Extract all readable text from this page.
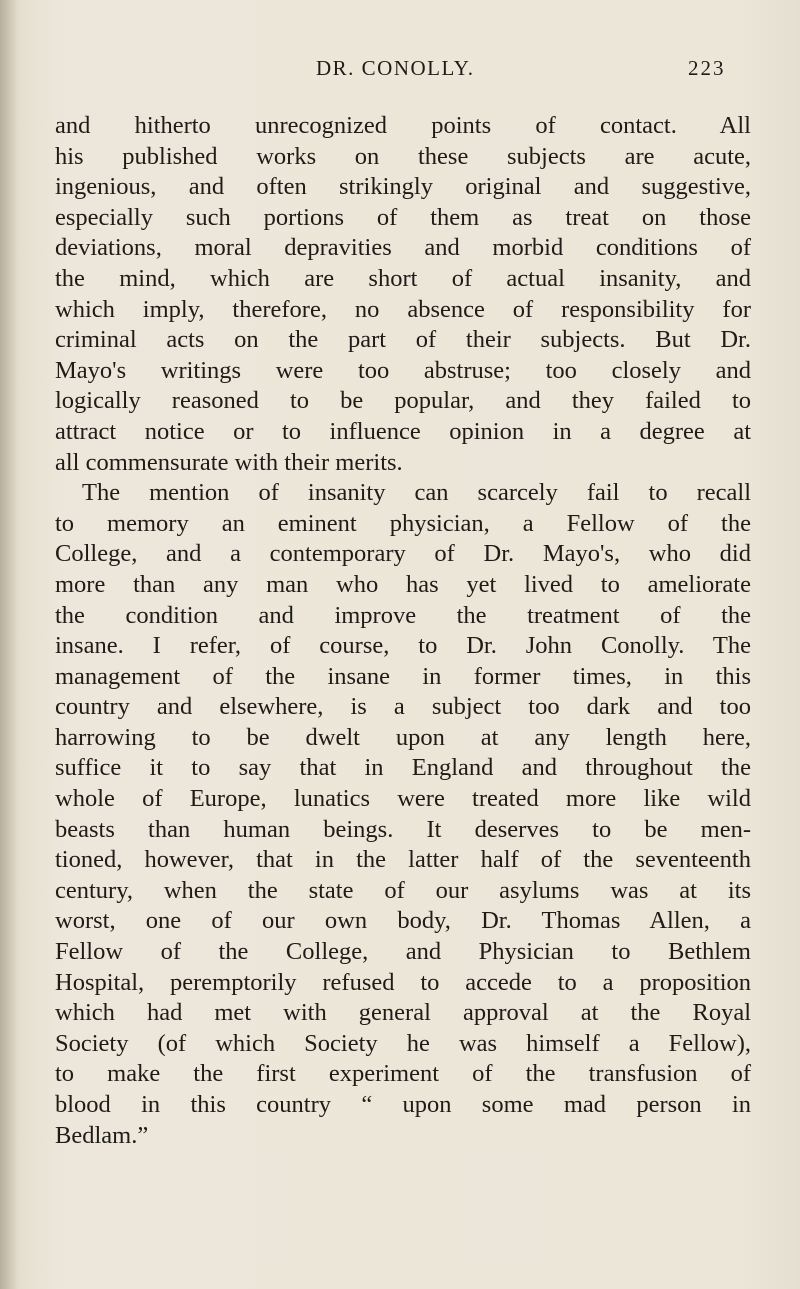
DR. CONOLLY.	223
and hitherto unrecognized points of contact. All
his published works on these subjects are acute,
ingenious, and often strikingly original and suggestive,
especially such portions of them as treat on those
deviations, moral depravities and morbid conditions of
the mind, which are short of actual insanity, and
which imply, therefore, no absence of responsibility for
criminal acts on the part of their subjects. But Dr.
Mayo's writings were too abstruse; too closely and
logically reasoned to be popular, and they failed to
attract notice or to influence opinion in a degree at
all commensurate with their merits.
The mention of insanity can scarcely fail to recall
to memory an eminent physician, a Fellow of the
College, and a contemporary of Dr. Mayo's, who did
more than any man who has yet lived to ameliorate
the condition and improve the treatment of the
insane. I refer, of course, to Dr. John Conolly. The
management of the insane in former times, in this
country and elsewhere, is a subject too dark and too
harrowing to be dwelt upon at any length here,
suffice it to say that in England and throughout the
whole of Europe, lunatics were treated more like wild
beasts than human beings. It deserves to be men-
tioned, however, that in the latter half of the seventeenth
century, when the state of our asylums was at its
worst, one of our own body, Dr. Thomas Allen, a
Fellow of the College, and Physician to Bethlem
Hospital, peremptorily refused to accede to a proposition
which had met with general approval at the Royal
Society (of which Society he was himself a Fellow),
to make the first experiment of the transfusion of
blood in this country “ upon some mad person in
Bedlam.”
